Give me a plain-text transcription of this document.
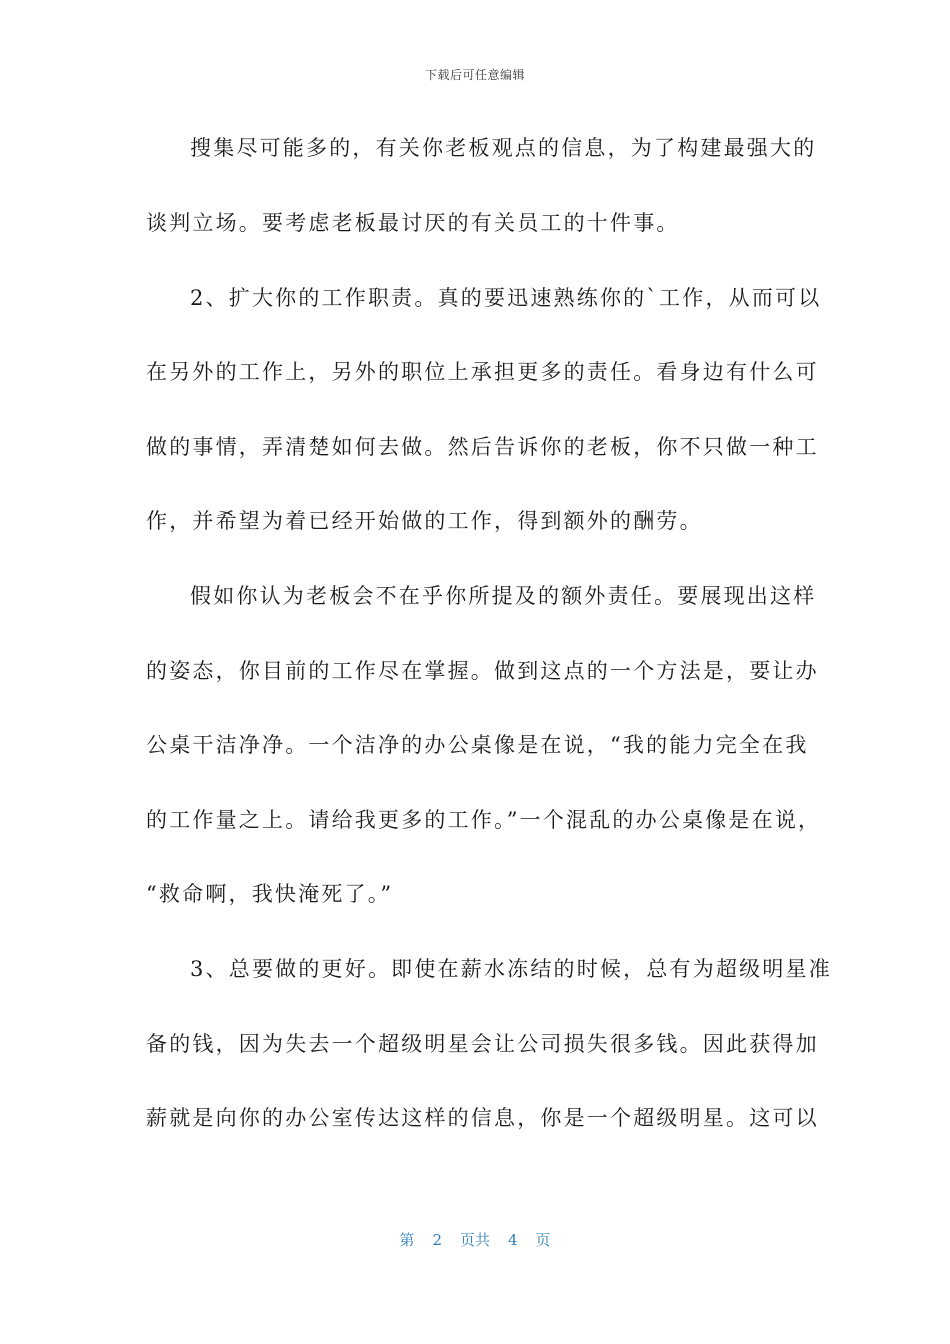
下载后可任意编辑
搜集尽可能多的，有关你老板观点的信息，为了构建最强大的
谈判立场。要考虑老板最讨厌的有关员工的十件事。
2、扩大你的工作职责。真的要迅速熟练你的`工作，从而可以
在另外的工作上，另外的职位上承担更多的责任。看身边有什么可
做的事情，弄清楚如何去做。然后告诉你的老板，你不只做一种工
作，并希望为着已经开始做的工作，得到额外的酬劳。
假如你认为老板会不在乎你所提及的额外责任。要展现出这样
的姿态，你目前的工作尽在掌握。做到这点的一个方法是，要让办
公桌干洁净净。一个洁净的办公桌像是在说，“我的能力完全在我
的工作量之上。请给我更多的工作。”一个混乱的办公桌像是在说，
“救命啊，我快淹死了。”
3、总要做的更好。即使在薪水冻结的时候，总有为超级明星准
备的钱，因为失去一个超级明星会让公司损失很多钱。因此获得加
薪就是向你的办公室传达这样的信息，你是一个超级明星。这可以
第 2 页共 4 页
